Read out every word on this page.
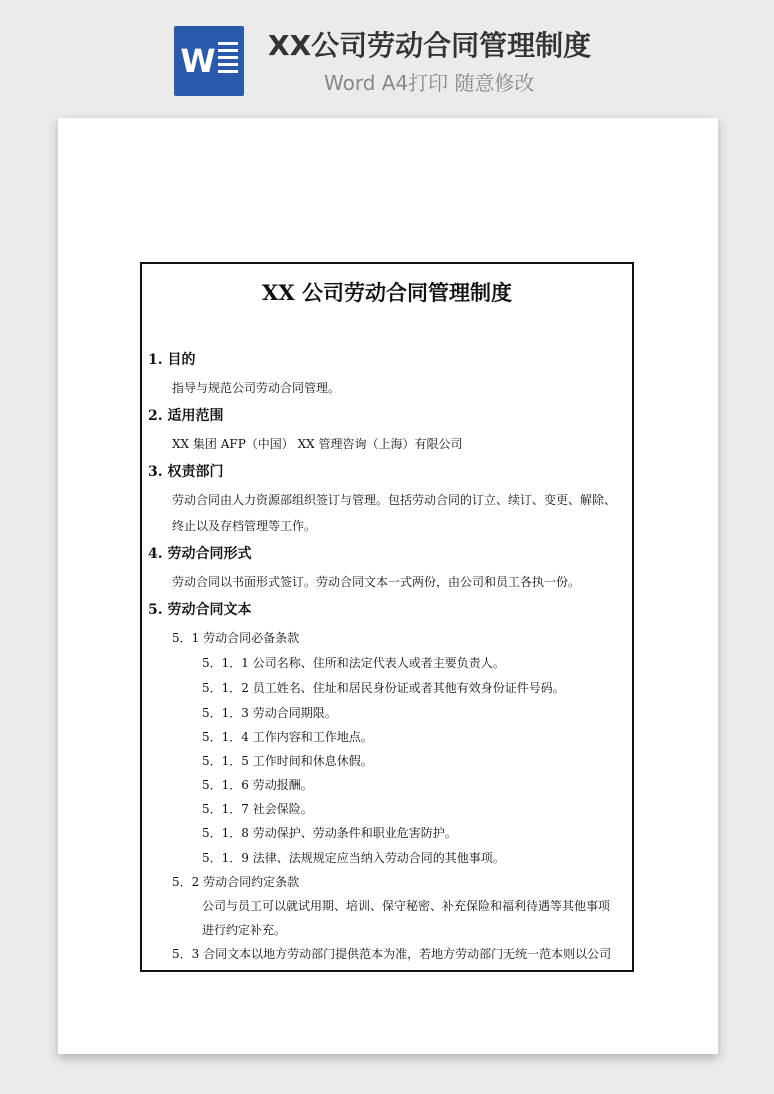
W XX公司劳动合同管理制度
Word A4打印 随意修改
XX 公司劳动合同管理制度
1. 目的
指导与规范公司劳动合同管理。
2. 适用范围
XX 集团 AFP（中国） XX 管理咨询（上海）有限公司
3. 权责部门
劳动合同由人力资源部组织签订与管理。包括劳动合同的订立、续订、变更、解除、
终止以及存档管理等工作。
4. 劳动合同形式
劳动合同以书面形式签订。劳动合同文本一式两份，由公司和员工各执一份。
5. 劳动合同文本
5．1 劳动合同必备条款
5．1．1 公司名称、住所和法定代表人或者主要负责人。
5．1．2 员工姓名、住址和居民身份证或者其他有效身份证件号码。
5．1．3 劳动合同期限。
5．1．4 工作内容和工作地点。
5．1．5 工作时间和休息休假。
5．1．6 劳动报酬。
5．1．7 社会保险。
5．1．8 劳动保护、劳动条件和职业危害防护。
5．1．9 法律、法规规定应当纳入劳动合同的其他事项。
5．2 劳动合同约定条款
公司与员工可以就试用期、培训、保守秘密、补充保险和福利待遇等其他事项
进行约定补充。
5．3 合同文本以地方劳动部门提供范本为准，若地方劳动部门无统一范本则以公司
